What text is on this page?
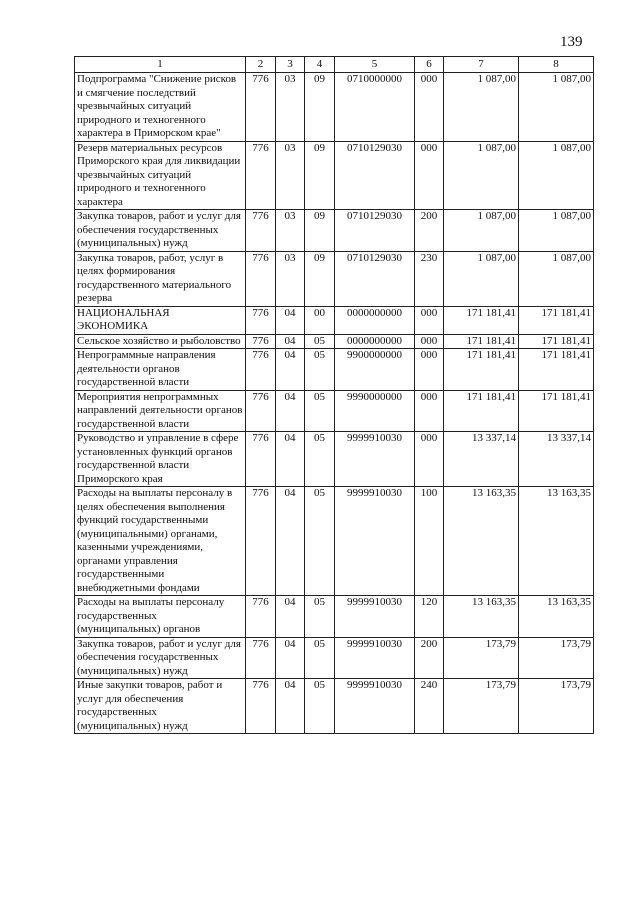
139
1	2	3	4	5	6	7	8
Подпрограмма "Снижение рисков и смягчение последствий чрезвычайных ситуаций природного и техногенного характера в Приморском крае"	776	03	09	0710000000	000	1 087,00	1 087,00
Резерв материальных ресурсов Приморского края для ликвидации чрезвычайных ситуаций природного и техногенного характера	776	03	09	0710129030	000	1 087,00	1 087,00
Закупка товаров, работ и услуг для обеспечения государственных (муниципальных) нужд	776	03	09	0710129030	200	1 087,00	1 087,00
Закупка товаров, работ, услуг в целях формирования государственного материального резерва	776	03	09	0710129030	230	1 087,00	1 087,00
НАЦИОНАЛЬНАЯ ЭКОНОМИКА	776	04	00	0000000000	000	171 181,41	171 181,41
Сельское хозяйство и рыболовство	776	04	05	0000000000	000	171 181,41	171 181,41
Непрограммные направления деятельности органов государственной власти	776	04	05	9900000000	000	171 181,41	171 181,41
Мероприятия непрограммных направлений деятельности органов государственной власти	776	04	05	9990000000	000	171 181,41	171 181,41
Руководство и управление в сфере установленных функций органов государственной власти Приморского края	776	04	05	9999910030	000	13 337,14	13 337,14
Расходы на выплаты персоналу в целях обеспечения выполнения функций государственными (муниципальными) органами, казенными учреждениями, органами управления государственными внебюджетными фондами	776	04	05	9999910030	100	13 163,35	13 163,35
Расходы на выплаты персоналу государственных (муниципальных) органов	776	04	05	9999910030	120	13 163,35	13 163,35
Закупка товаров, работ и услуг для обеспечения государственных (муниципальных) нужд	776	04	05	9999910030	200	173,79	173,79
Иные закупки товаров, работ и услуг для обеспечения государственных (муниципальных) нужд	776	04	05	9999910030	240	173,79	173,79
